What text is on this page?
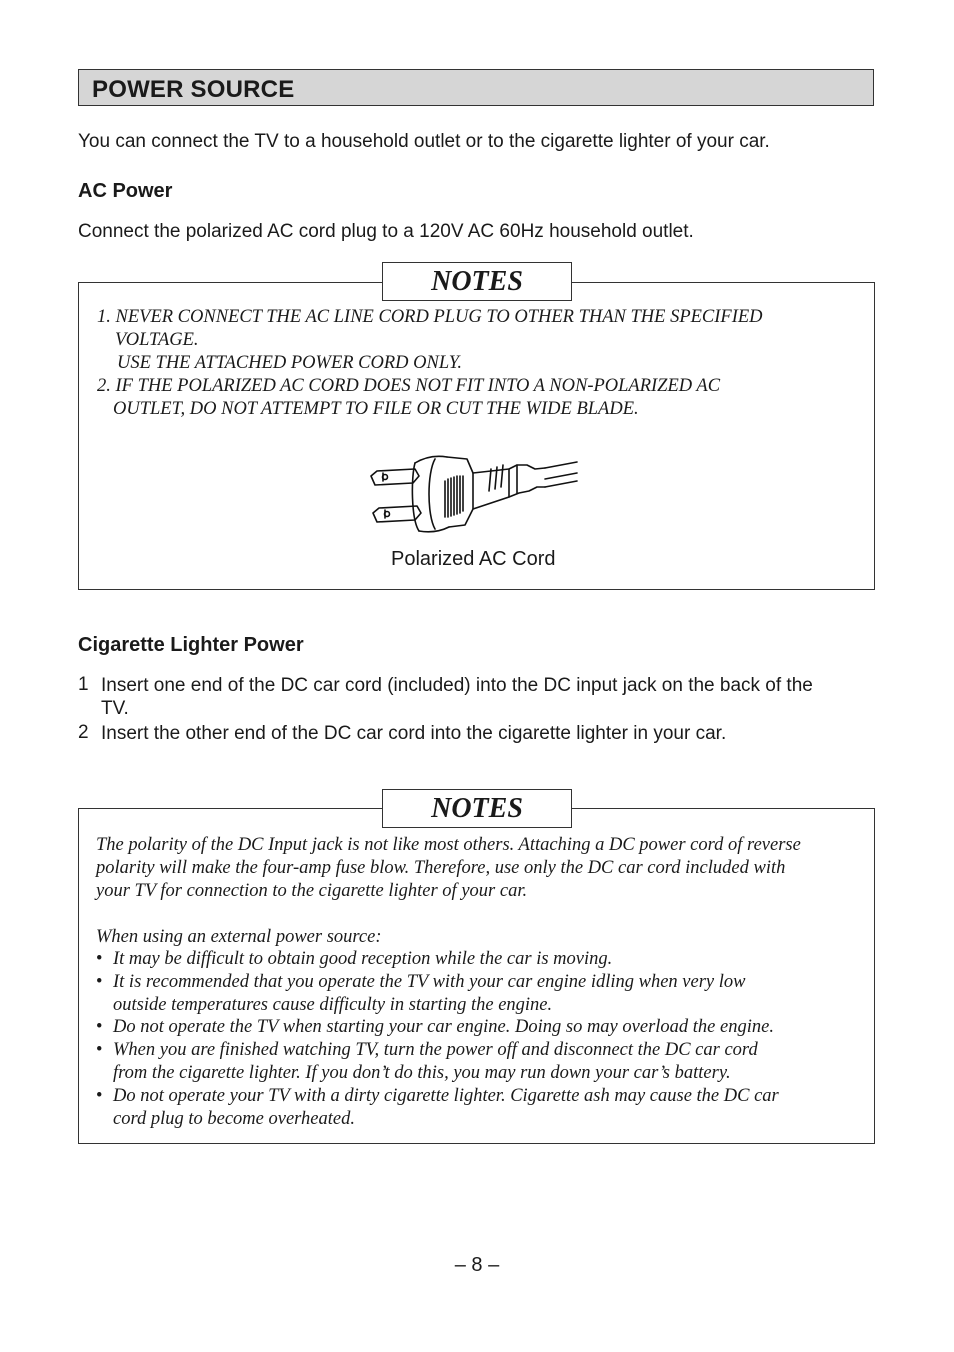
POWER SOURCE
You can connect the TV to a household outlet or to the cigarette lighter of your car.
AC Power
Connect the polarized AC cord plug to a 120V AC 60Hz household outlet.
1. NEVER CONNECT THE AC LINE CORD PLUG TO OTHER THAN THE SPECIFIED
VOLTAGE.
USE THE ATTACHED POWER CORD ONLY.
2. IF THE POLARIZED AC CORD DOES NOT FIT INTO A NON-POLARIZED AC
OUTLET, DO NOT ATTEMPT TO FILE OR CUT THE WIDE BLADE.
Polarized AC Cord
NOTES
Cigarette Lighter Power
1 Insert one end of the DC car cord (included) into the DC input jack on the back of the
TV.
2 Insert the other end of the DC car cord into the cigarette lighter in your car.
NOTES
The polarity of the DC Input jack is not like most others. Attaching a DC power cord of reverse
polarity will make the four-amp fuse blow. Therefore, use only the DC car cord included with
your TV for connection to the cigarette lighter of your car.
When using an external power source:
• It may be difficult to obtain good reception while the car is moving.
• It is recommended that you operate the TV with your car engine idling when very low
outside temperatures cause difficulty in starting the engine.
• Do not operate the TV when starting your car engine. Doing so may overload the engine.
• When you are finished watching TV, turn the power off and disconnect the DC car cord
from the cigarette lighter. If you don’t do this, you may run down your car’s battery.
• Do not operate your TV with a dirty cigarette lighter. Cigarette ash may cause the DC car
cord plug to become overheated.
– 8 –
